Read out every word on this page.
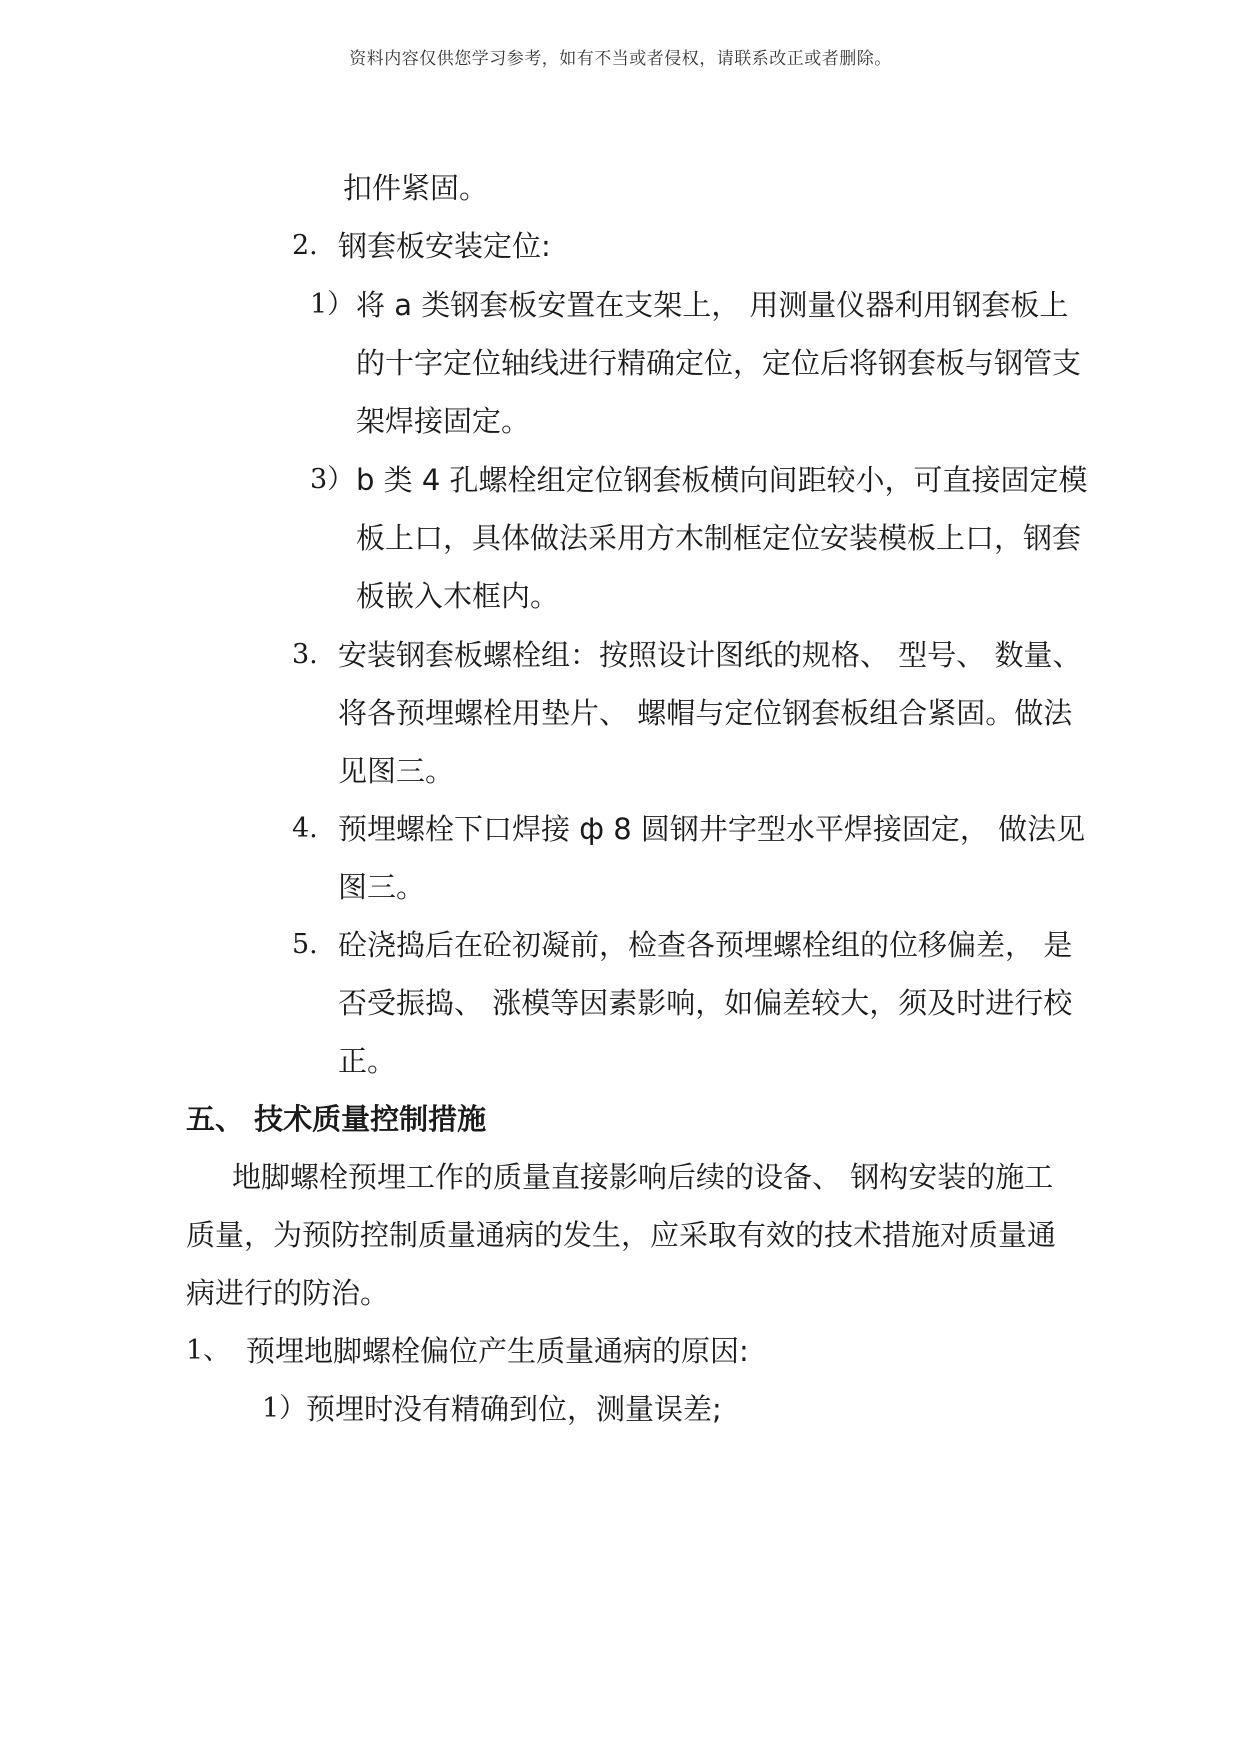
资料内容仅供您学习参考，如有不当或者侵权，请联系改正或者删除。
扣件紧固。
2. 钢套板安装定位:
1） 将 a 类钢套板安置在支架上， 用测量仪器利用钢套板上
的十字定位轴线进行精确定位，定位后将钢套板与钢管支
架焊接固定。
3） b 类 4 孔螺栓组定位钢套板横向间距较小，可直接固定模
板上口，具体做法采用方木制框定位安装模板上口，钢套
板嵌入木框内。
3. 安装钢套板螺栓组：按照设计图纸的规格、 型号、 数量、
将各预埋螺栓用垫片、 螺帽与定位钢套板组合紧固。做法
见图三。
4. 预埋螺栓下口焊接 ф 8 圆钢井字型水平焊接固定， 做法见
图三。
5. 砼浇捣后在砼初凝前，检查各预埋螺栓组的位移偏差， 是
否受振捣、 涨模等因素影响，如偏差较大，须及时进行校
正。
五、 技术质量控制措施
地脚螺栓预埋工作的质量直接影响后续的设备、 钢构安装的施工
质量，为预防控制质量通病的发生，应采取有效的技术措施对质量通
病进行的防治。
1、 预埋地脚螺栓偏位产生质量通病的原因:
1） 预埋时没有精确到位，测量误差;
